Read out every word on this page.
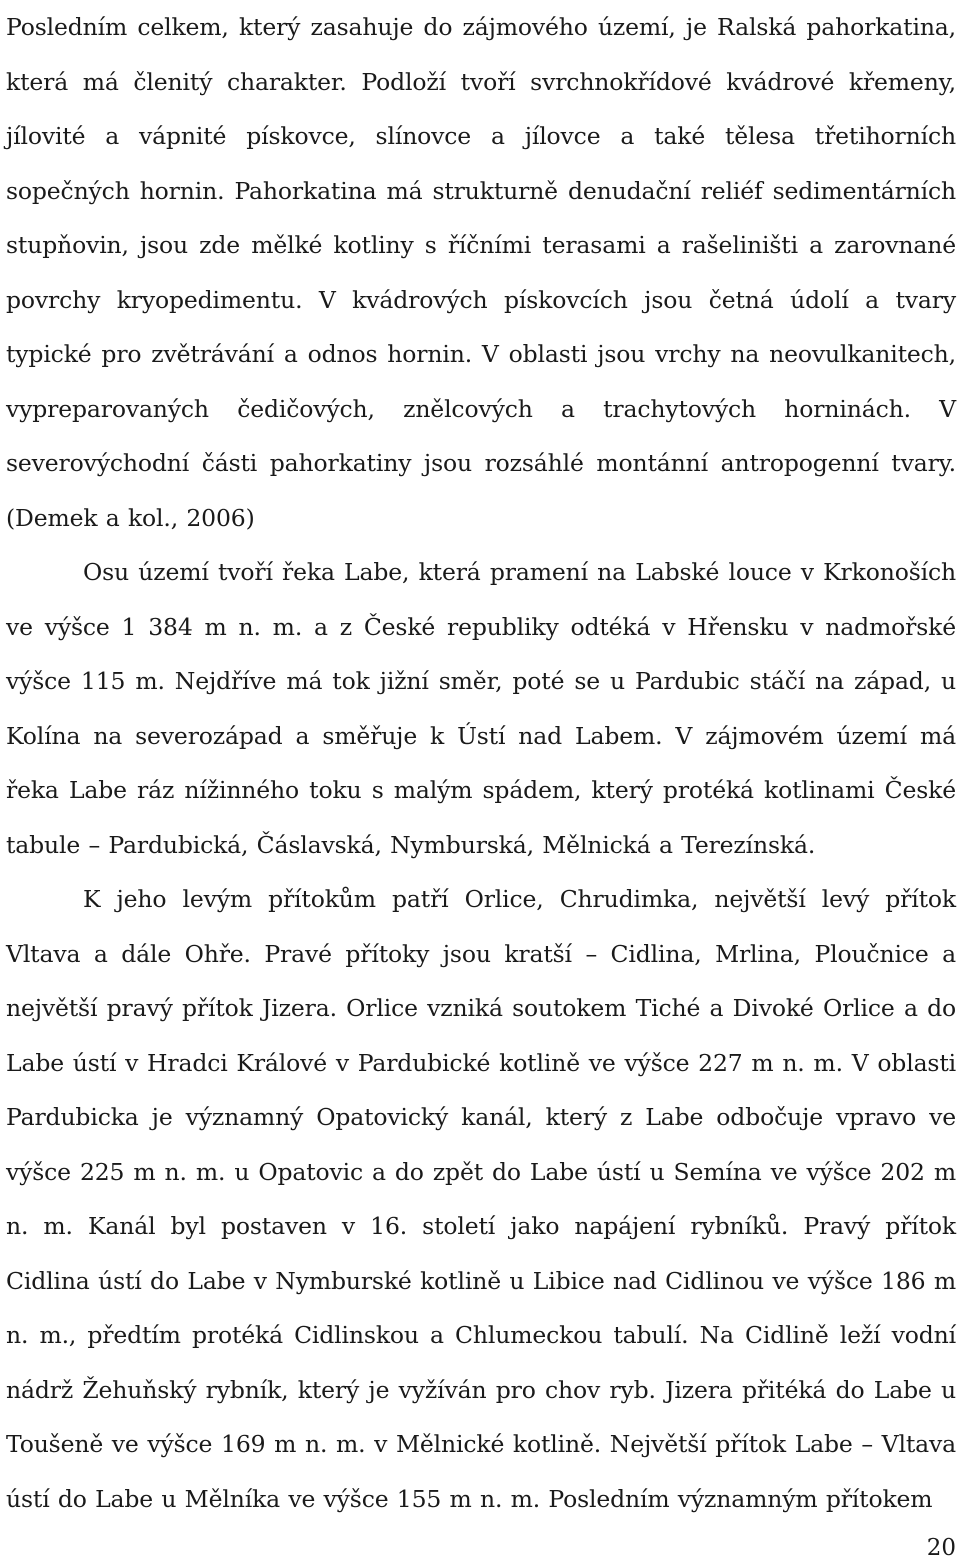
Posledním celkem, který zasahuje do zájmového území, je Ralská pahorkatina, která má členitý charakter. Podloží tvoří svrchnokřídové kvádrové křemeny, jílovité a vápnité pískovce, slínovce a jílovce a také tělesa třetihorních sopečných hornin. Pahorkatina má strukturně denudační reliéf sedimentárních stupňovin, jsou zde mělké kotliny s říčními terasami a rašeliništi a zarovnané povrchy kryopedimentu. V kvádrových pískovcích jsou četná údolí a tvary typické pro zvětrávání a odnos hornin. V oblasti jsou vrchy na neovulkanitech, vypreparovaných čedičových, znělcových a trachytových horninách. V severovýchodní části pahorkatiny jsou rozsáhlé montánní antropogenní tvary. (Demek a kol., 2006)

Osu území tvoří řeka Labe, která pramení na Labské louce v Krkonoších ve výšce 1 384 m n. m. a z České republiky odtéká v Hřensku v nadmořské výšce 115 m. Nejdříve má tok jižní směr, poté se u Pardubic stáčí na západ, u Kolína na severozápad a směřuje k Ústí nad Labem. V zájmovém území má řeka Labe ráz nížinného toku s malým spádem, který protéká kotlinami České tabule – Pardubická, Čáslavská, Nymburská, Mělnická a Terezínská.

K jeho levým přítokům patří Orlice, Chrudimka, největší levý přítok Vltava a dále Ohře. Pravé přítoky jsou kratší – Cidlina, Mrlina, Ploučnice a největší pravý přítok Jizera. Orlice vzniká soutokem Tiché a Divoké Orlice a do Labe ústí v Hradci Králové v Pardubické kotlině ve výšce 227 m n. m. V oblasti Pardubicka je významný Opatovický kanál, který z Labe odbočuje vpravo ve výšce 225 m n. m. u Opatovic a do zpět do Labe ústí u Semína ve výšce 202 m n. m. Kanál byl postaven v 16. století jako napájení rybníků. Pravý přítok Cidlina ústí do Labe v Nymburské kotlině u Libice nad Cidlinou ve výšce 186 m n. m., předtím protéká Cidlinskou a Chlumeckou tabulí. Na Cidlině leží vodní nádrž Žehuňský rybník, který je vyžíván pro chov ryb. Jizera přitéká do Labe u Toušeně ve výšce 169 m n. m. v Mělnické kotlině. Největší přítok Labe – Vltava ústí do Labe u Mělníka ve výšce 155 m n. m. Posledním významným přítokem

20
